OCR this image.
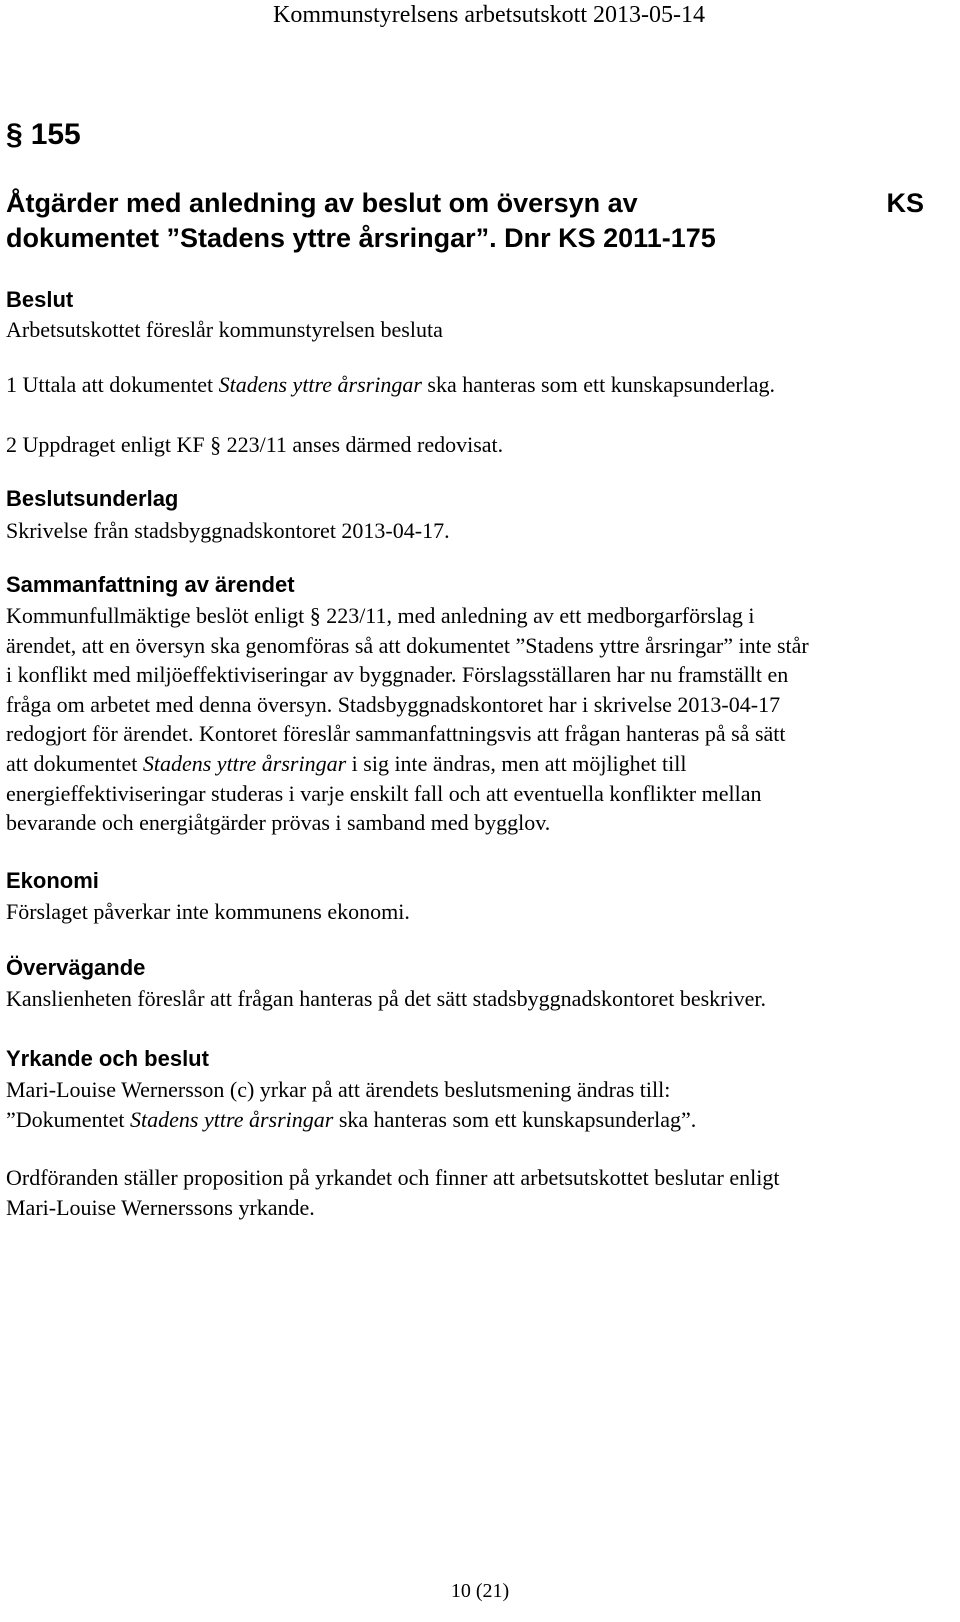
Kommunstyrelsens arbetsutskott 2013-05-14
§ 155
Åtgärder med anledning av beslut om översyn av
dokumentet ”Stadens yttre årsringar”. Dnr KS 2011-175
KS
Beslut
Arbetsutskottet föreslår kommunstyrelsen besluta
1 Uttala att dokumentet Stadens yttre årsringar ska hanteras som ett kunskapsunderlag.
2 Uppdraget enligt KF § 223/11 anses därmed redovisat.
Beslutsunderlag
Skrivelse från stadsbyggnadskontoret 2013-04-17.
Sammanfattning av ärendet
Kommunfullmäktige beslöt enligt § 223/11, med anledning av ett medborgarförslag i
ärendet, att en översyn ska genomföras så att dokumentet ”Stadens yttre årsringar” inte står
i konflikt med miljöeffektiviseringar av byggnader. Förslagsställaren har nu framställt en
fråga om arbetet med denna översyn. Stadsbyggnadskontoret har i skrivelse 2013-04-17
redogjort för ärendet. Kontoret föreslår sammanfattningsvis att frågan hanteras på så sätt
att dokumentet Stadens yttre årsringar i sig inte ändras, men att möjlighet till
energieffektiviseringar studeras i varje enskilt fall och att eventuella konflikter mellan
bevarande och energiåtgärder prövas i samband med bygglov.
Ekonomi
Förslaget påverkar inte kommunens ekonomi.
Övervägande
Kanslienheten föreslår att frågan hanteras på det sätt stadsbyggnadskontoret beskriver.
Yrkande och beslut
Mari-Louise Wernersson (c) yrkar på att ärendets beslutsmening ändras till:
”Dokumentet Stadens yttre årsringar ska hanteras som ett kunskapsunderlag”.
Ordföranden ställer proposition på yrkandet och finner att arbetsutskottet beslutar enligt
Mari-Louise Wernerssons yrkande.
10 (21)
